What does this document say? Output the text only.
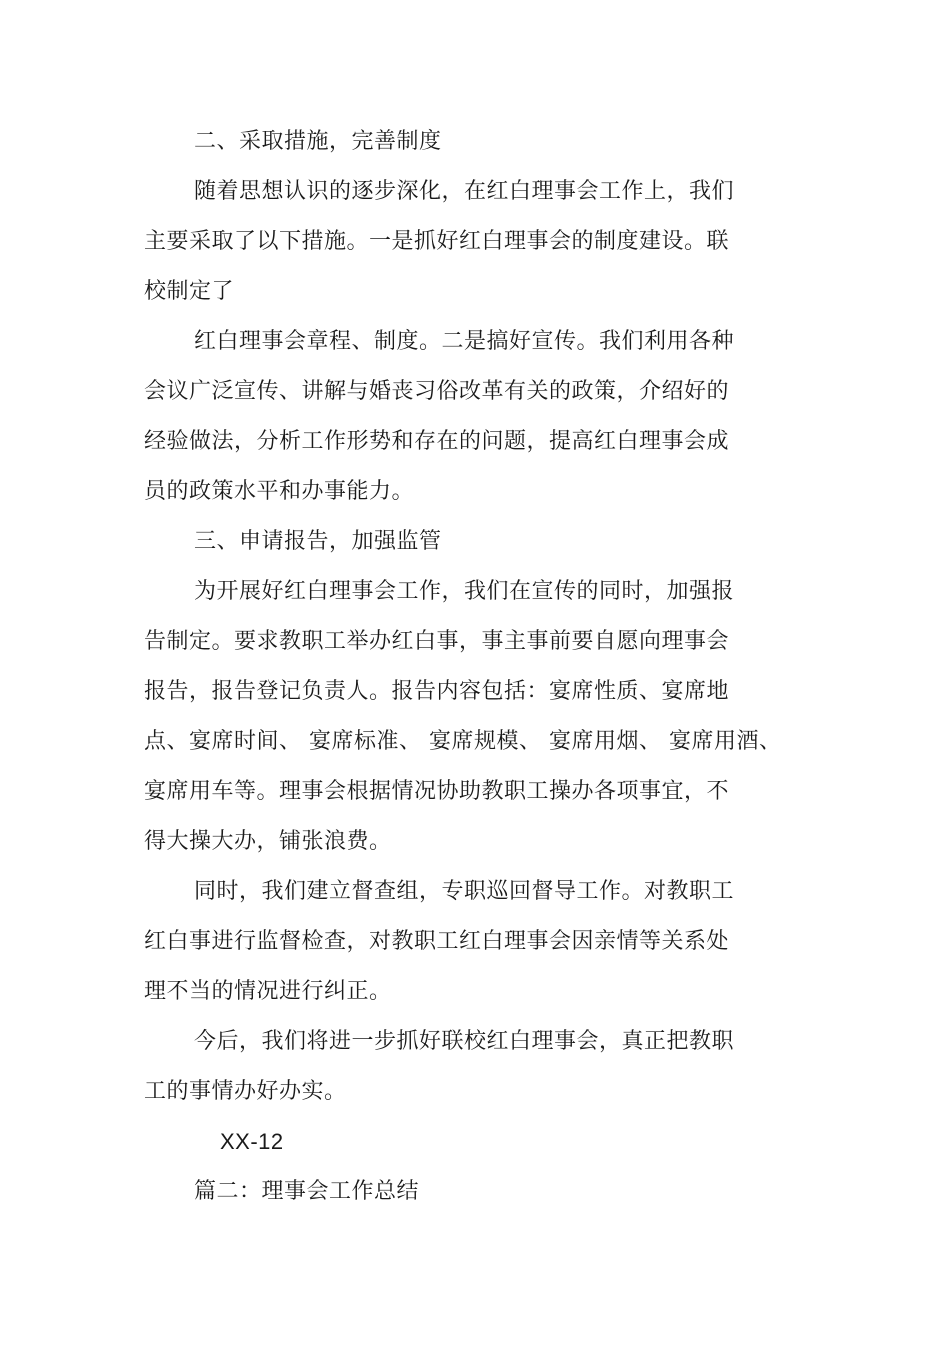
二、采取措施，完善制度
随着思想认识的逐步深化，在红白理事会工作上，我们
主要采取了以下措施。一是抓好红白理事会的制度建设。联
校制定了
红白理事会章程、制度。二是搞好宣传。我们利用各种
会议广泛宣传、讲解与婚丧习俗改革有关的政策，介绍好的
经验做法，分析工作形势和存在的问题，提高红白理事会成
员的政策水平和办事能力。
三、申请报告，加强监管
为开展好红白理事会工作，我们在宣传的同时，加强报
告制定。要求教职工举办红白事，事主事前要自愿向理事会
报告，报告登记负责人。报告内容包括：宴席性质、宴席地
点、宴席时间、 宴席标准、 宴席规模、 宴席用烟、 宴席用酒、
宴席用车等。理事会根据情况协助教职工操办各项事宜，不
得大操大办，铺张浪费。
同时，我们建立督查组，专职巡回督导工作。对教职工
红白事进行监督检查，对教职工红白理事会因亲情等关系处
理不当的情况进行纠正。
今后，我们将进一步抓好联校红白理事会，真正把教职
工的事情办好办实。
XX-12
篇二：理事会工作总结
